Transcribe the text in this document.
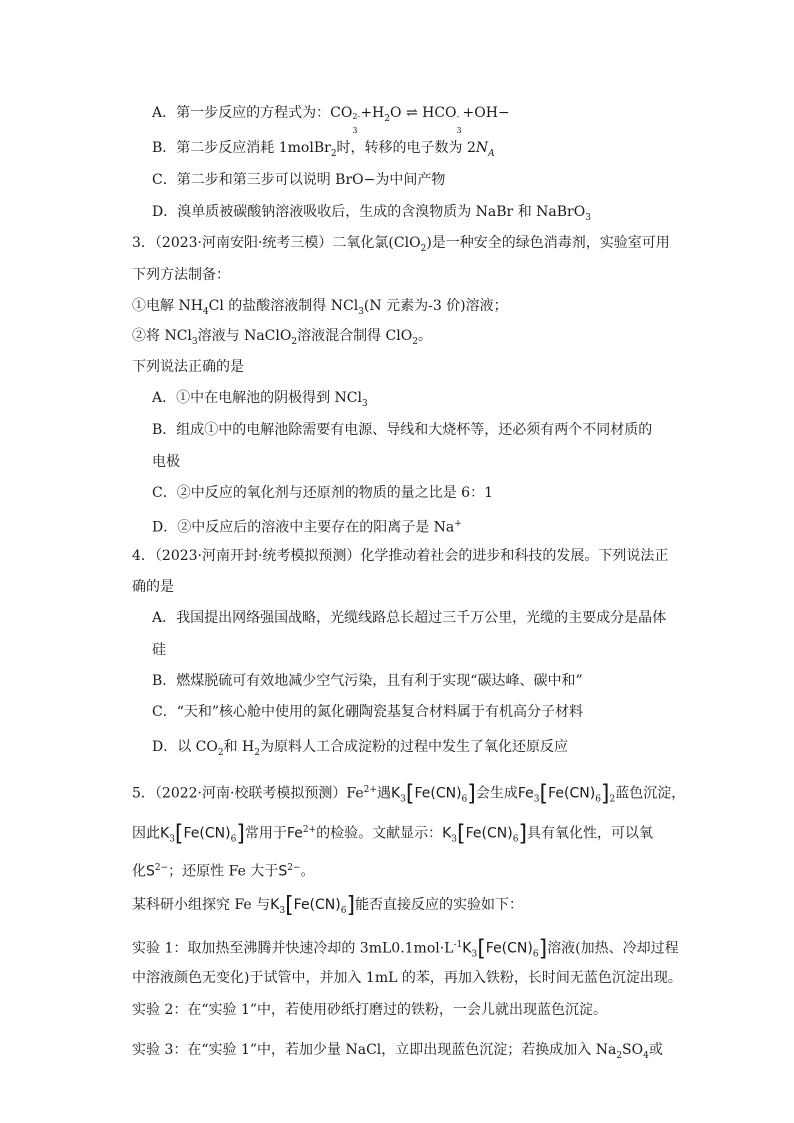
A．第一步反应的方程式为：CO 2-
3
$+H_2O$ ⇌ HCO -
3
+OH−
B．第二步反应消耗 1molBr$_2$时，转移的电子数为 $2N_A$
C．第二步和第三步可以说明 BrO−为中间产物
D．溴单质被碳酸钠溶液吸收后，生成的含溴物质为 NaBr 和 NaBrO$_3$
3．（2023·河南安阳·统考三模）二氧化氯(ClO$_2$)是一种安全的绿色消毒剂，实验室可用
下列方法制备：
①电解 $NH_4Cl$ 的盐酸溶液制得 NCl$_3$(N 元素为-3 价)溶液；
②将 NCl$_3$溶液与 NaClO$_2$溶液混合制得 ClO$_2$。
下列说法正确的是
A．①中在电解池的阴极得到 NCl$_3$
B．组成①中的电解池除需要有电源、导线和大烧杯等，还必须有两个不同材质的
电极
C．②中反应的氧化剂与还原剂的物质的量之比是 6：1
D．②中反应后的溶液中主要存在的阳离子是 Na+
4．（2023·河南开封·统考模拟预测）化学推动着社会的进步和科技的发展。下列说法正
确的是
A．我国提出网络强国战略，光缆线路总长超过三千万公里，光缆的主要成分是晶体
硅
B．燃煤脱硫可有效地减少空气污染，且有利于实现“碳达峰、碳中和”
C．“天和”核心舱中使用的氮化硼陶瓷基复合材料属于有机高分子材料
D．以 $CO_2$和 $H_2$为原料人工合成淀粉的过程中发生了氧化还原反应
5．（2022·河南·校联考模拟预测）$Fe^{2+}$遇$K_3[Fe(CN)_6]$会生成$Fe_3[Fe(CN)_6]_2$蓝色沉淀，
因此$K_3[Fe(CN)_6]$常用于$Fe^{2+}$的检验。文献显示：$K_3[Fe(CN)_6]$具有氧化性，可以氧
化$S^{2-}$；还原性 Fe 大于$S^{2-}$。
某科研小组探究 Fe 与$K_3[Fe(CN)_6]$能否直接反应的实验如下：
实验 1：取加热至沸腾并快速冷却的 $3mL0.1mol\cdot L^{-1}K_3[Fe(CN)_6]$溶液(加热、冷却过程
中溶液颜色无变化)于试管中，并加入 1mL 的苯，再加入铁粉，长时间无蓝色沉淀出现。
实验 2：在“实验 1”中，若使用砂纸打磨过的铁粉，一会儿就出现蓝色沉淀。
实验 3：在“实验 1”中，若加少量 NaCl，立即出现蓝色沉淀；若换成加入 $Na_2SO_4$或
